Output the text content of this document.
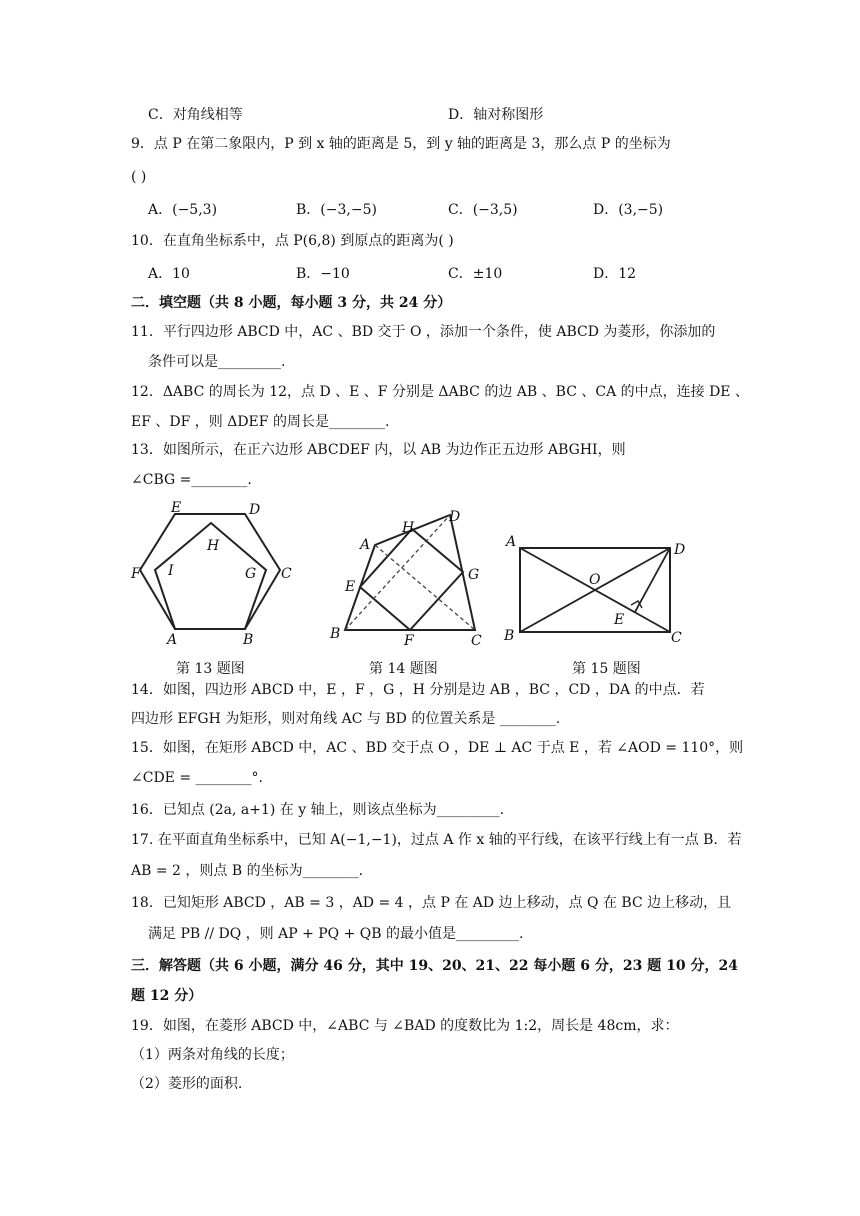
C．对角线相等	D．轴对称图形
9．点 P 在第二象限内，P 到 x 轴的距离是 5，到 y 轴的距离是 3，那么点 P 的坐标为
( )
A．(−5,3)	B．(−3,−5)	C．(−3,5)	D．(3,−5)
10．在直角坐标系中，点 P(6,8) 到原点的距离为( )
A．10	B．−10	C．±10	D．12
二．填空题（共 8 小题，每小题 3 分，共 24 分）
11．平行四边形 ABCD 中，AC 、BD 交于 O ，添加一个条件，使 ABCD 为菱形，你添加的
条件可以是_________.
12．ΔABC 的周长为 12，点 D 、E 、F 分别是 ΔABC 的边 AB 、BC 、CA 的中点，连接 DE 、
EF 、DF ，则 ΔDEF 的周长是________.
13．如图所示，在正六边形 ABCDEF 内，以 AB 为边作正五边形 ABGHI，则
∠CBG =________.
E	D
H
F I	G C
A	B
第 13 题图
H
D
A
E
G
B	F	C
第 14 题图
A	D
O
E
B	C
第 15 题图
14．如图，四边形 ABCD 中，E ，F ，G ，H 分别是边 AB ，BC ，CD ，DA 的中点．若
四边形 EFGH 为矩形，则对角线 AC 与 BD 的位置关系是 ________.
15．如图，在矩形 ABCD 中，AC 、BD 交于点 O ，DE ⊥ AC 于点 E ，若 ∠AOD = 110°，则
∠CDE = ________°.
16．已知点 (2a, a+1) 在 y 轴上，则该点坐标为_________.
17. 在平面直角坐标系中，已知 A(−1,−1)，过点 A 作 x 轴的平行线，在该平行线上有一点 B．若
AB = 2 ，则点 B 的坐标为________.
18．已知矩形 ABCD ，AB = 3 ，AD = 4 ，点 P 在 AD 边上移动，点 Q 在 BC 边上移动，且
满足 PB // DQ ，则 AP + PQ + QB 的最小值是_________.
三．解答题（共 6 小题，满分 46 分，其中 19、20、21、22 每小题 6 分，23 题 10 分，24
题 12 分）
19．如图，在菱形 ABCD 中，∠ABC 与 ∠BAD 的度数比为 1:2，周长是 48cm，求：
（1）两条对角线的长度；
（2）菱形的面积.
